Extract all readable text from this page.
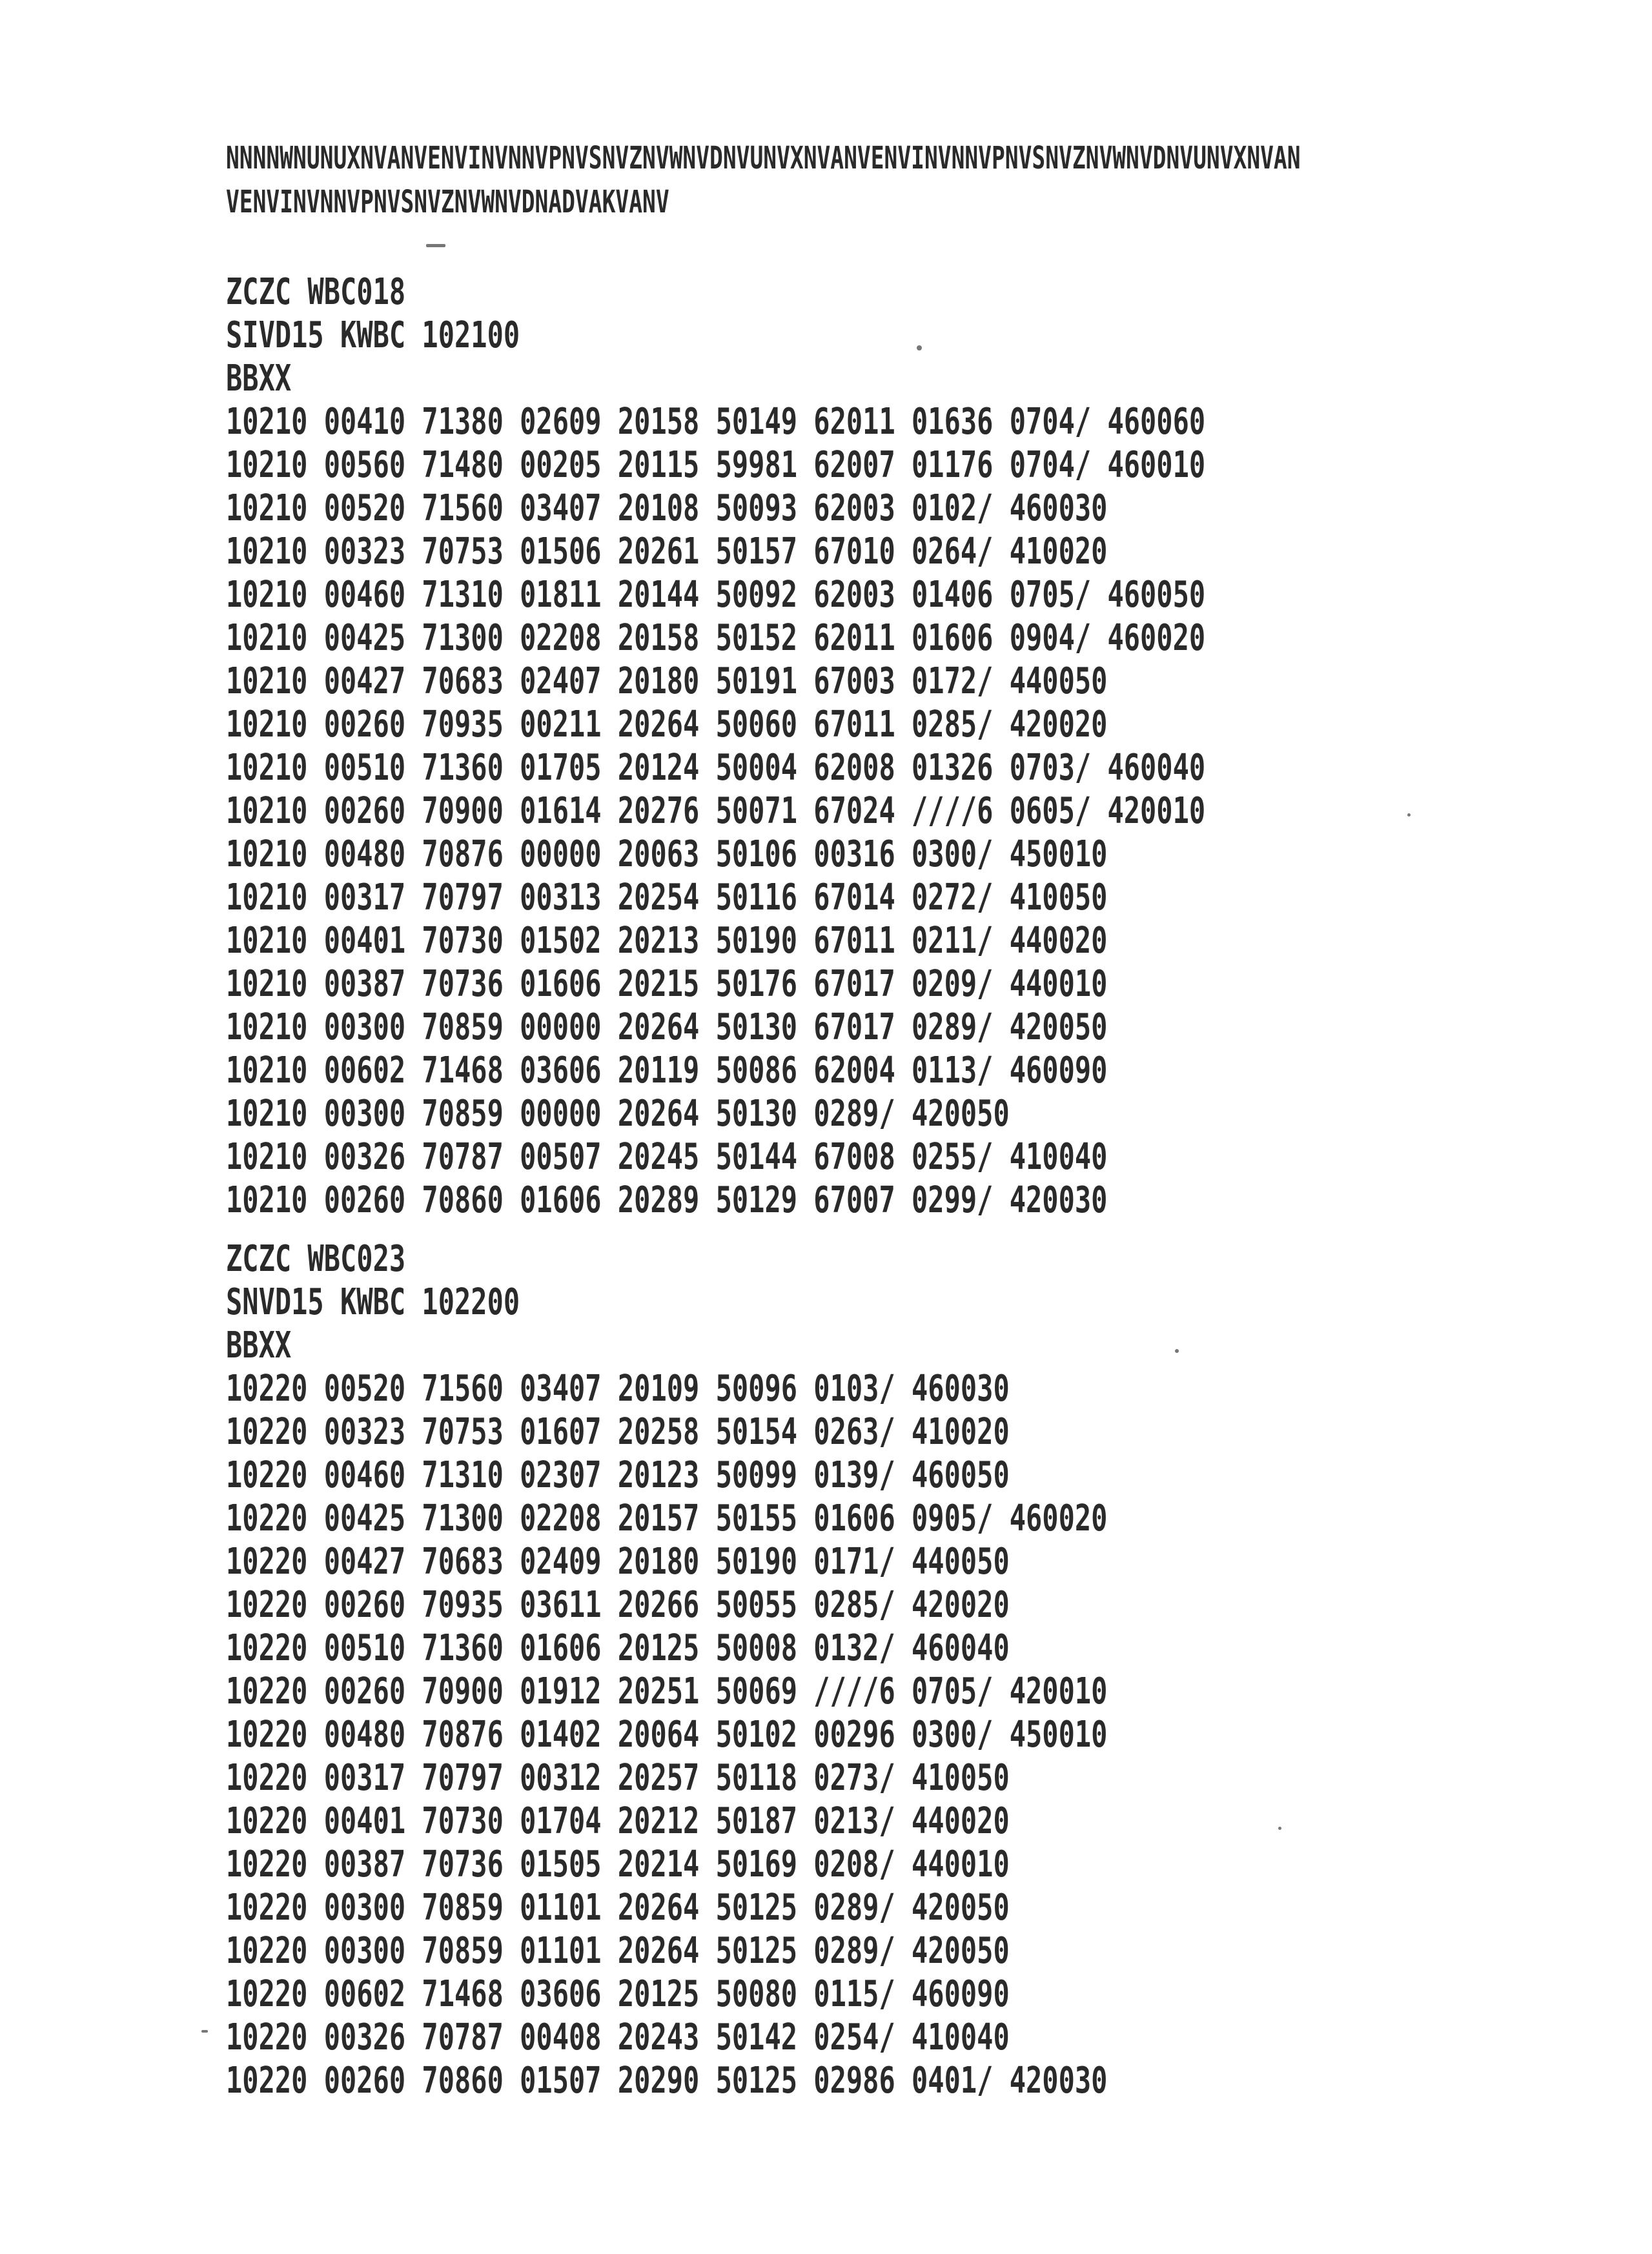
NNNNWNUNUXNVANVENVINVNNVPNVSNVZNVWNVDNVUNVXNVANVENVINVNNVPNVSNVZNVWNVDNVUNVXNVAN
VENVINVNNVPNVSNVZNVWNVDNADVAKVANV
ZCZC WBC018
SIVD15 KWBC 102100
BBXX
10210 00410 71380 02609 20158 50149 62011 01636 0704/ 460060
10210 00560 71480 00205 20115 59981 62007 01176 0704/ 460010
10210 00520 71560 03407 20108 50093 62003 0102/ 460030
10210 00323 70753 01506 20261 50157 67010 0264/ 410020
10210 00460 71310 01811 20144 50092 62003 01406 0705/ 460050
10210 00425 71300 02208 20158 50152 62011 01606 0904/ 460020
10210 00427 70683 02407 20180 50191 67003 0172/ 440050
10210 00260 70935 00211 20264 50060 67011 0285/ 420020
10210 00510 71360 01705 20124 50004 62008 01326 0703/ 460040
10210 00260 70900 01614 20276 50071 67024 ////6 0605/ 420010
10210 00480 70876 00000 20063 50106 00316 0300/ 450010
10210 00317 70797 00313 20254 50116 67014 0272/ 410050
10210 00401 70730 01502 20213 50190 67011 0211/ 440020
10210 00387 70736 01606 20215 50176 67017 0209/ 440010
10210 00300 70859 00000 20264 50130 67017 0289/ 420050
10210 00602 71468 03606 20119 50086 62004 0113/ 460090
10210 00300 70859 00000 20264 50130 0289/ 420050
10210 00326 70787 00507 20245 50144 67008 0255/ 410040
10210 00260 70860 01606 20289 50129 67007 0299/ 420030
ZCZC WBC023
SNVD15 KWBC 102200
BBXX
10220 00520 71560 03407 20109 50096 0103/ 460030
10220 00323 70753 01607 20258 50154 0263/ 410020
10220 00460 71310 02307 20123 50099 0139/ 460050
10220 00425 71300 02208 20157 50155 01606 0905/ 460020
10220 00427 70683 02409 20180 50190 0171/ 440050
10220 00260 70935 03611 20266 50055 0285/ 420020
10220 00510 71360 01606 20125 50008 0132/ 460040
10220 00260 70900 01912 20251 50069 ////6 0705/ 420010
10220 00480 70876 01402 20064 50102 00296 0300/ 450010
10220 00317 70797 00312 20257 50118 0273/ 410050
10220 00401 70730 01704 20212 50187 0213/ 440020
10220 00387 70736 01505 20214 50169 0208/ 440010
10220 00300 70859 01101 20264 50125 0289/ 420050
10220 00300 70859 01101 20264 50125 0289/ 420050
10220 00602 71468 03606 20125 50080 0115/ 460090
10220 00326 70787 00408 20243 50142 0254/ 410040
10220 00260 70860 01507 20290 50125 02986 0401/ 420030
